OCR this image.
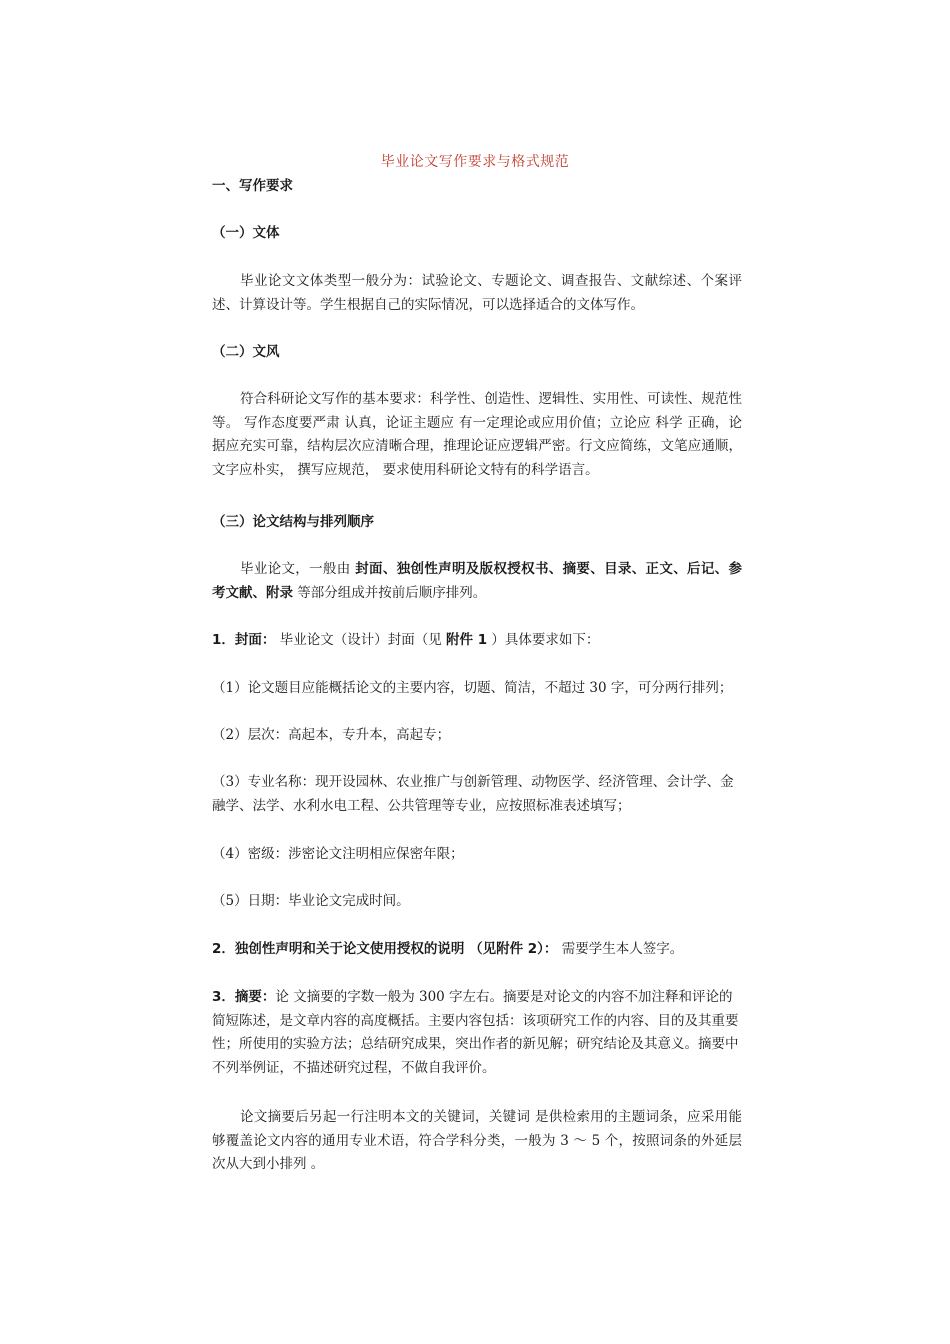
毕业论文写作要求与格式规范
一、写作要求
（一）文体

毕业论文文体类型一般分为：试验论文、专题论文、调查报告、文献综述、个案评述、计算设计等。学生根据自己的实际情况，可以选择适合的文体写作。

（二）文风

符合科研论文写作的基本要求：科学性、创造性、逻辑性、实用性、可读性、规范性等。 写作态度要严肃 认真，论证主题应 有一定理论或应用价值；立论应 科学 正确，论据应充实可靠，结构层次应清晰合理，推理论证应逻辑严密。行文应简练，文笔应通顺， 文字应朴实， 撰写应规范， 要求使用科研论文特有的科学语言。

（三）论文结构与排列顺序

毕业论文，一般由 封面、独创性声明及版权授权书、摘要、目录、正文、后记、参考文献、附录 等部分组成并按前后顺序排列。

1．封面： 毕业论文（设计）封面（见 附件 1 ）具体要求如下：

（1）论文题目应能概括论文的主要内容，切题、简洁，不超过 30 字，可分两行排列；

（2）层次：高起本，专升本，高起专；

（3）专业名称：现开设园林、农业推广与创新管理、动物医学、经济管理、会计学、金融学、法学、水利水电工程、公共管理等专业，应按照标准表述填写；

（4）密级：涉密论文注明相应保密年限；

（5）日期：毕业论文完成时间。

2．独创性声明和关于论文使用授权的说明 （见附件 2）： 需要学生本人签字。

3．摘要：论 文摘要的字数一般为 300 字左右。摘要是对论文的内容不加注释和评论的简短陈述，是文章内容的高度概括。主要内容包括：该项研究工作的内容、目的及其重要性；所使用的实验方法；总结研究成果，突出作者的新见解；研究结论及其意义。摘要中不列举例证，不描述研究过程，不做自我评价。

论文摘要后另起一行注明本文的关键词，关键词 是供检索用的主题词条，应采用能够覆盖论文内容的通用专业术语，符合学科分类，一般为 3 ～ 5 个，按照词条的外延层次从大到小排列 。
